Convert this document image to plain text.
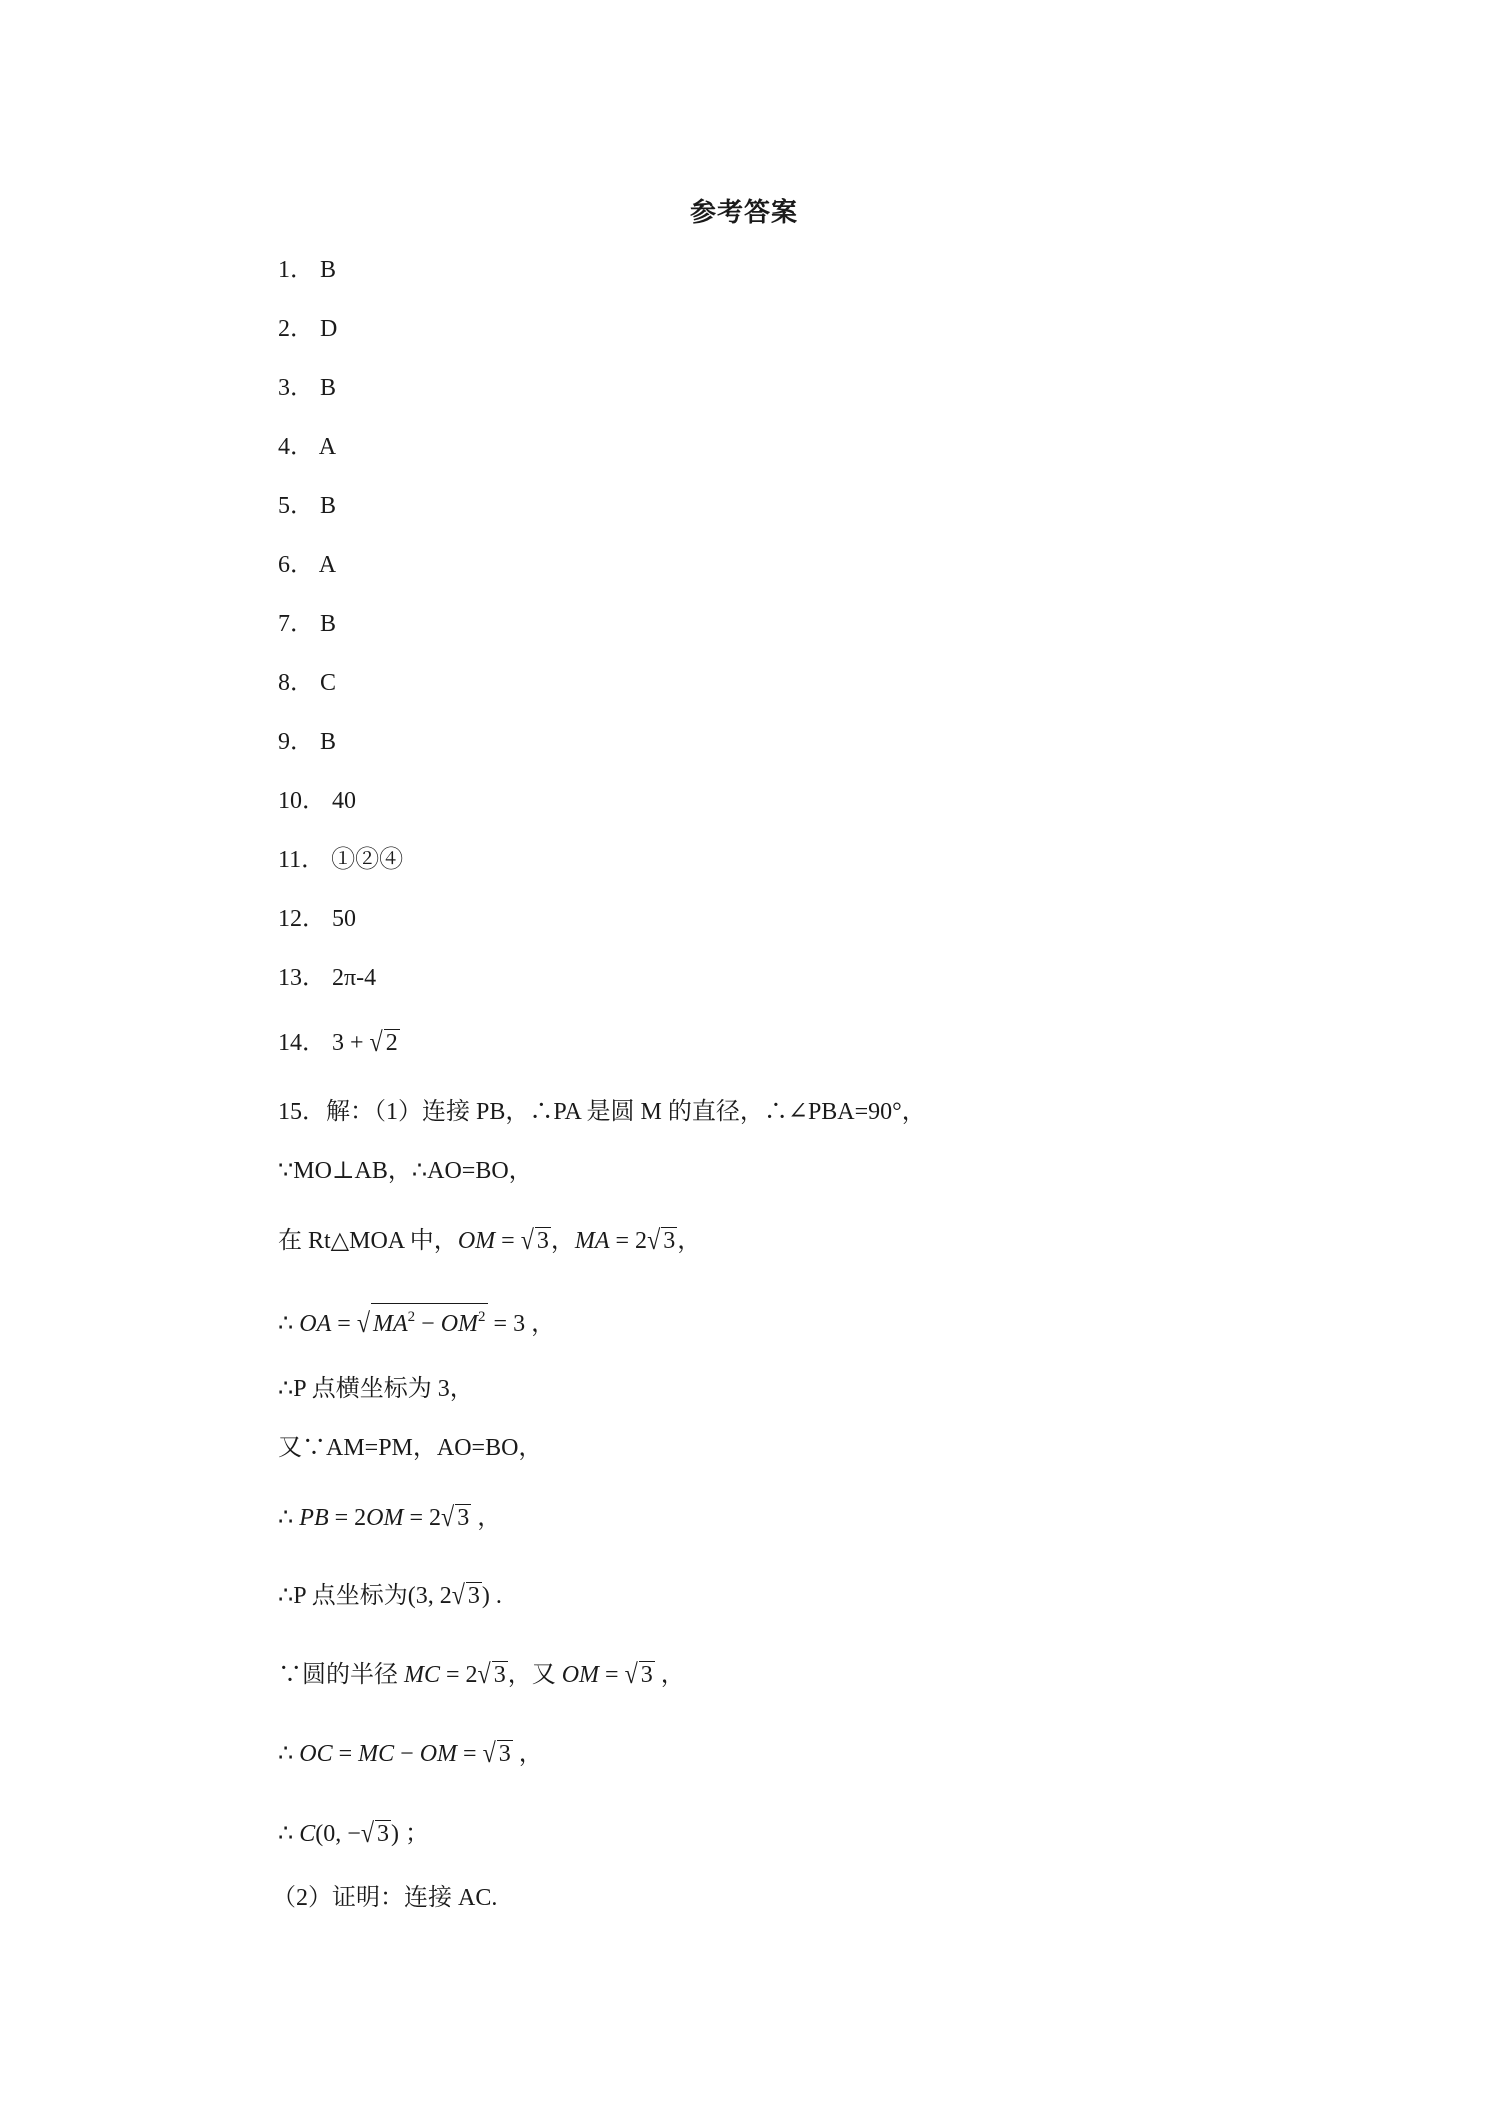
参考答案
1． B
2． D
3． B
4． A
5． B
6． A
7． B
8． C
9． B
10． 40
11． ①②④
12． 50
13． 2π-4
14． 3 + √ 2
15．解：（1）连接 PB，∴PA 是圆 M 的直径，∴∠PBA=90°，
∵MO⊥AB，∴AO=BO，
在 Rt△MOA 中，OM = √ 3，MA = 2√ 3，
∴ OA = √ $MA^2 - OM^2 = 3$ ，
∴P 点横坐标为 3，
又∵AM=PM，AO=BO，
∴ PB = 2OM = 2√ 3 ，
∴P 点坐标为(3, 2√ 3) .
∵圆的半径 MC = 2√ 3，又 OM = √ 3 ，
∴ OC = MC − OM = √ 3 ，
∴ C(0, −√ 3) ；
（2）证明：连接 AC.
